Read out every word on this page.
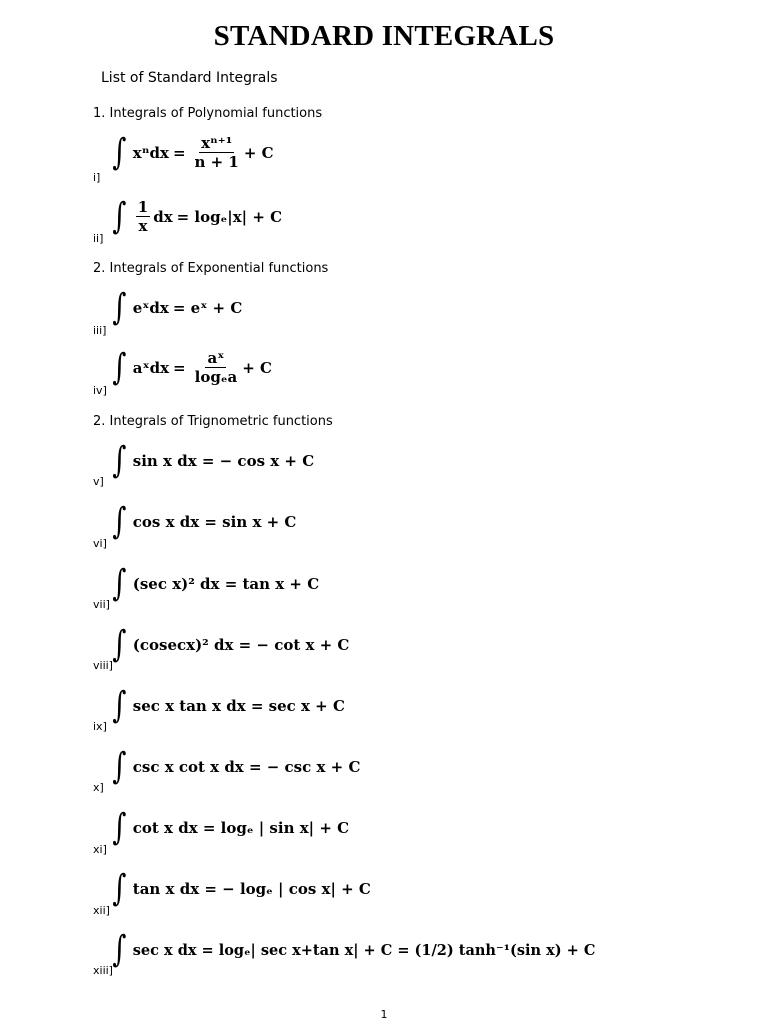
STANDARD INTEGRALS
List of Standard Integrals
1. Integrals of Polynomial functions
i]
∫ $x^ndx = \frac{\text{xⁿ⁺¹}}{n + 1} + C$
ii]
∫ $\frac{1}{x}$ dx = logₑ|x| + C
2. Integrals of Exponential functions
iii]
∫ eˣdx = eˣ + C
iv]
∫ aˣdx = $\frac{\text{aˣ}}{\text{logₑa}} + C$
2. Integrals of Trignometric functions
v]
∫ sin x dx = − cos x + C
vi]
∫ cos x dx = sin x + C
vii]
∫ (sec x)² dx = tan x + C
viii]
∫ (cosecx)² dx = − cot x + C
ix]
∫ sec x tan x dx = sec x + C
x]
∫ csc x cot x dx = − csc x + C
xi]
∫ cot x dx = logₑ | sin x| + C
xii]
∫ tan x dx = − logₑ | cos x| + C
xiii]
∫ sec x dx = logₑ| sec x+tan x| + C = (1/2) tanh⁻¹(sin x) + C
1
